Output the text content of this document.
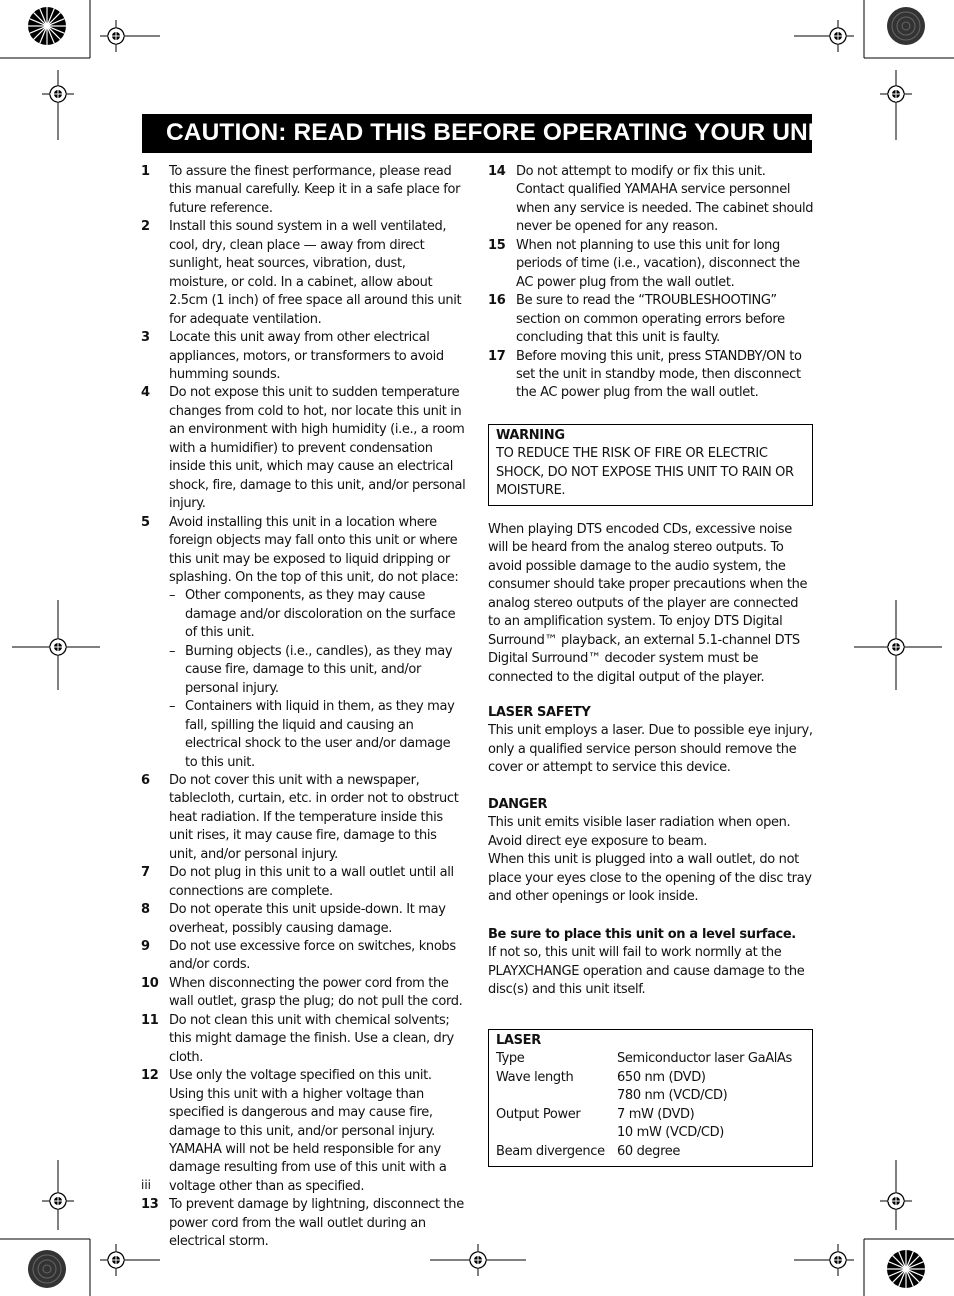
CAUTION: READ THIS BEFORE OPERATING YOUR UNIT.
1	To assure the finest performance, please read this manual carefully. Keep it in a safe place for future reference.
2	Install this sound system in a well ventilated, cool, dry, clean place — away from direct sunlight, heat sources, vibration, dust, moisture, or cold. In a cabinet, allow about 2.5cm (1 inch) of free space all around this unit for adequate ventilation.
3	Locate this unit away from other electrical appliances, motors, or transformers to avoid humming sounds.
4	Do not expose this unit to sudden temperature changes from cold to hot, nor locate this unit in an environment with high humidity (i.e., a room with a humidifier) to prevent condensation inside this unit, which may cause an electrical shock, fire, damage to this unit, and/or personal injury.
5	Avoid installing this unit in a location where foreign objects may fall onto this unit or where this unit may be exposed to liquid dripping or splashing. On the top of this unit, do not place:
– Other components, as they may cause damage and/or discoloration on the surface of this unit.
– Burning objects (i.e., candles), as they may cause fire, damage to this unit, and/or personal injury.
– Containers with liquid in them, as they may fall, spilling the liquid and causing an electrical shock to the user and/or damage to this unit.
6	Do not cover this unit with a newspaper, tablecloth, curtain, etc. in order not to obstruct heat radiation. If the temperature inside this unit rises, it may cause fire, damage to this unit, and/or personal injury.
7	Do not plug in this unit to a wall outlet until all connections are complete.
8	Do not operate this unit upside-down. It may overheat, possibly causing damage.
9	Do not use excessive force on switches, knobs and/or cords.
10 When disconnecting the power cord from the wall outlet, grasp the plug; do not pull the cord.
11 Do not clean this unit with chemical solvents; this might damage the finish. Use a clean, dry cloth.
12 Use only the voltage specified on this unit. Using this unit with a higher voltage than specified is dangerous and may cause fire, damage to this unit, and/or personal injury. YAMAHA will not be held responsible for any damage resulting from use of this unit with a voltage other than as specified.
13 To prevent damage by lightning, disconnect the power cord from the wall outlet during an electrical storm.
14 Do not attempt to modify or fix this unit. Contact qualified YAMAHA service personnel when any service is needed. The cabinet should never be opened for any reason.
15 When not planning to use this unit for long periods of time (i.e., vacation), disconnect the AC power plug from the wall outlet.
16 Be sure to read the “TROUBLESHOOTING” section on common operating errors before concluding that this unit is faulty.
17 Before moving this unit, press STANDBY/ON to set the unit in standby mode, then disconnect the AC power plug from the wall outlet.
WARNING
TO REDUCE THE RISK OF FIRE OR ELECTRIC SHOCK, DO NOT EXPOSE THIS UNIT TO RAIN OR MOISTURE.
When playing DTS encoded CDs, excessive noise will be heard from the analog stereo outputs. To avoid possible damage to the audio system, the consumer should take proper precautions when the analog stereo outputs of the player are connected to an amplification system. To enjoy DTS Digital Surround™ playback, an external 5.1-channel DTS Digital Surround™ decoder system must be connected to the digital output of the player.
LASER SAFETY
This unit employs a laser. Due to possible eye injury, only a qualified service person should remove the cover or attempt to service this device.
DANGER
This unit emits visible laser radiation when open. Avoid direct eye exposure to beam.
When this unit is plugged into a wall outlet, do not place your eyes close to the opening of the disc tray and other openings or look inside.
Be sure to place this unit on a level surface.
If not so, this unit will fail to work normlly at the PLAYXCHANGE operation and cause damage to the disc(s) and this unit itself.
LASER
Type	Semiconductor laser GaAlAs
Wave length	650 nm (DVD)
780 nm (VCD/CD)
Output Power	7 mW (DVD)
10 mW (VCD/CD)
Beam divergence 60 degree
iii
